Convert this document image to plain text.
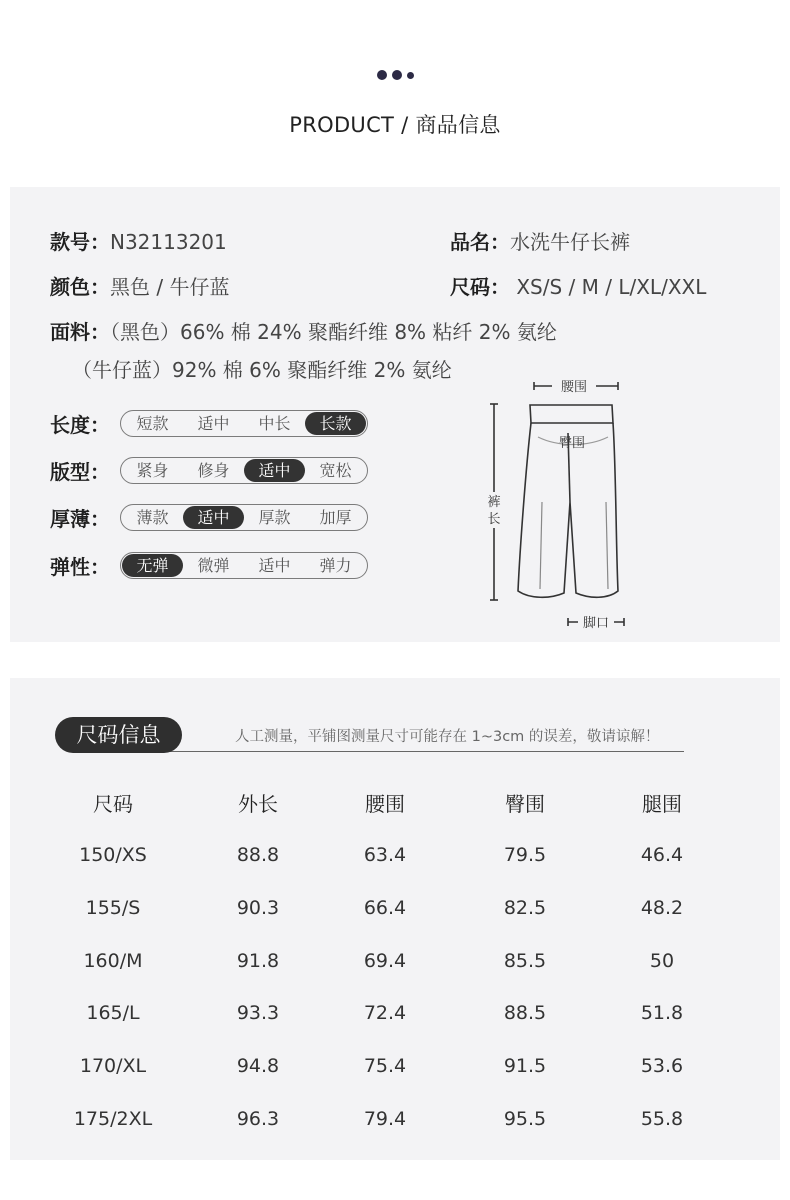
PRODUCT / 商品信息
款号：N32113201	品名：水洗牛仔长裤
颜色：黑色 / 牛仔蓝	尺码： XS/S / M / L/XL/XXL
面料：（黑色）66% 棉 24% 聚酯纤维 8% 粘纤 2% 氨纶
（牛仔蓝）92% 棉 6% 聚酯纤维 2% 氨纶
长度：	短款	适中	中长	长款
版型：	紧身	修身	适中	宽松
厚薄：	薄款	适中	厚款	加厚
弹性：	无弹	微弹	适中	弹力
腰围
臀围
裤
长
脚口
尺码信息	人工测量，平铺图测量尺寸可能存在 1~3cm 的误差，敬请谅解！
尺码	外长	腰围	臀围	腿围
150/XS	88.8	63.4	79.5	46.4
155/S	90.3	66.4	82.5	48.2
160/M	91.8	69.4	85.5	50
165/L	93.3	72.4	88.5	51.8
170/XL	94.8	75.4	91.5	53.6
175/2XL	96.3	79.4	95.5	55.8
